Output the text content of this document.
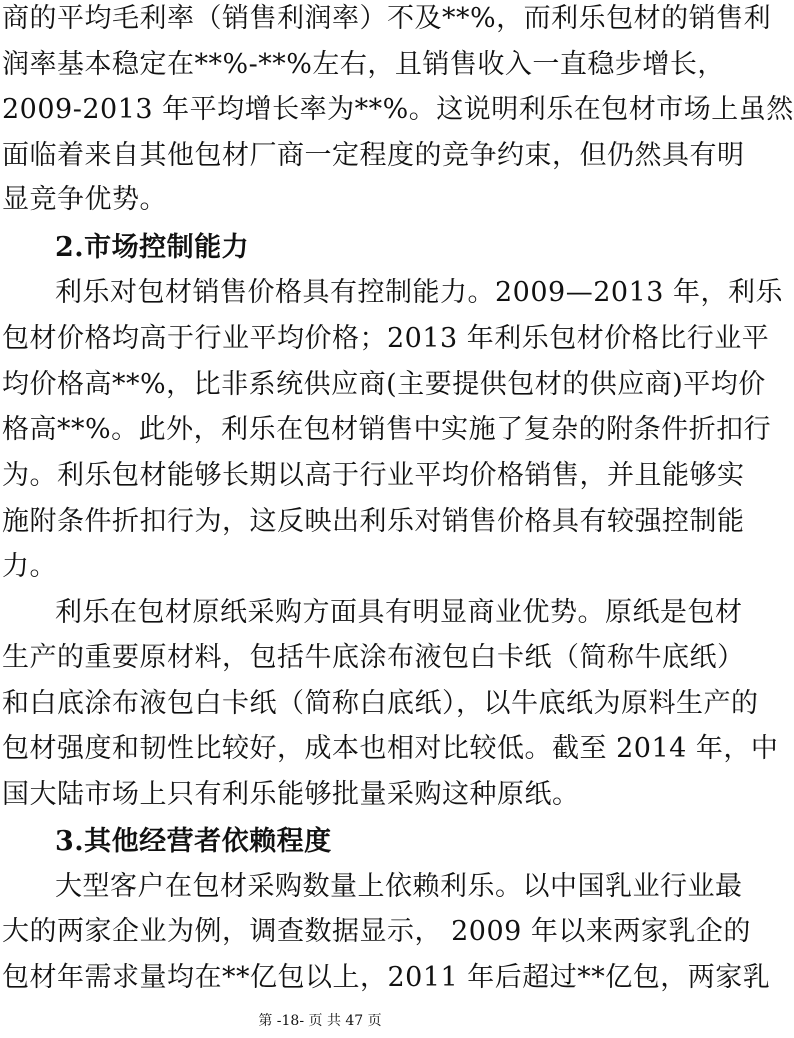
商的平均毛利率（销售利润率）不及**%，而利乐包材的销售利
润率基本稳定在**%-**%左右，且销售收入一直稳步增长，
2009-2013 年平均增长率为**%。这说明利乐在包材市场上虽然
面临着来自其他包材厂商一定程度的竞争约束，但仍然具有明
显竞争优势。
2.市场控制能力
利乐对包材销售价格具有控制能力。2009—2013 年，利乐
包材价格均高于行业平均价格；2013 年利乐包材价格比行业平
均价格高**%，比非系统供应商(主要提供包材的供应商)平均价
格高**%。此外，利乐在包材销售中实施了复杂的附条件折扣行
为。利乐包材能够长期以高于行业平均价格销售，并且能够实
施附条件折扣行为，这反映出利乐对销售价格具有较强控制能
力。
利乐在包材原纸采购方面具有明显商业优势。原纸是包材
生产的重要原材料，包括牛底涂布液包白卡纸（简称牛底纸）
和白底涂布液包白卡纸（简称白底纸），以牛底纸为原料生产的
包材强度和韧性比较好，成本也相对比较低。截至 2014 年，中
国大陆市场上只有利乐能够批量采购这种原纸。
3.其他经营者依赖程度
大型客户在包材采购数量上依赖利乐。以中国乳业行业最
大的两家企业为例，调查数据显示， 2009 年以来两家乳企的
包材年需求量均在**亿包以上，2011 年后超过**亿包，两家乳
第 -18- 页 共 47 页
